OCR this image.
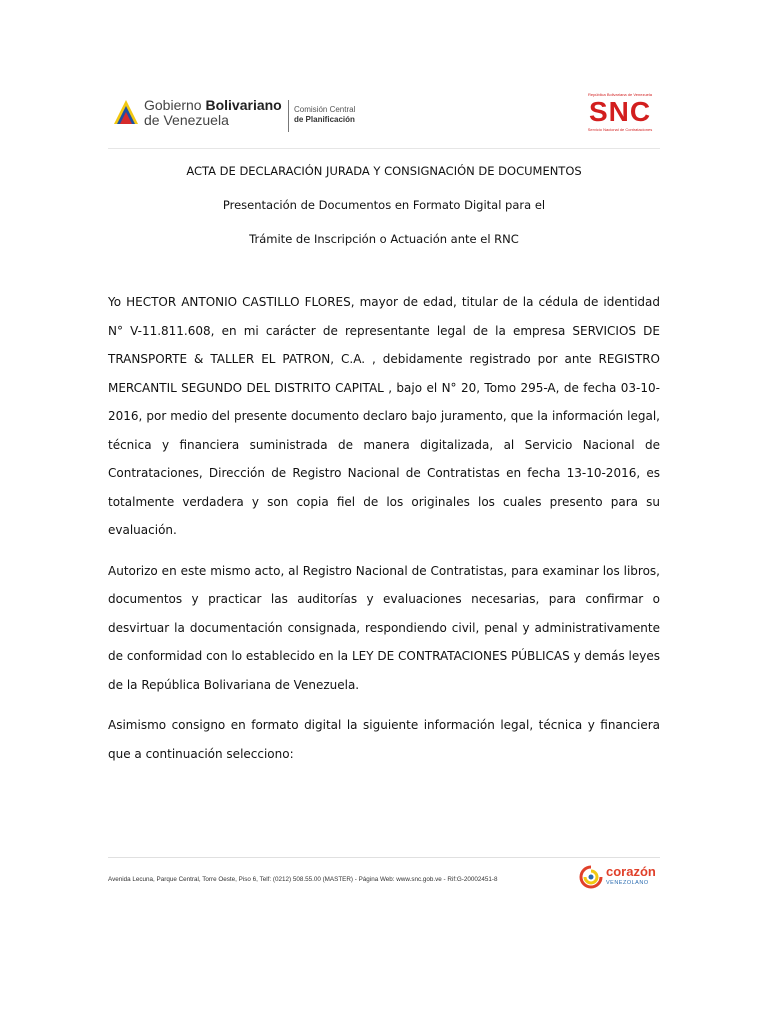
Gobierno Bolivariano
de Venezuela
Comisión Central
de Planificación
República Bolivariana de Venezuela
SNC
Servicio Nacional de Contrataciones
ACTA DE DECLARACIÓN JURADA Y CONSIGNACIÓN DE DOCUMENTOS
Presentación de Documentos en Formato Digital para el
Trámite de Inscripción o Actuación ante el RNC

Yo HECTOR ANTONIO CASTILLO FLORES, mayor de edad, titular de la cédula de identidad N° V-11.811.608, en mi carácter de representante legal de la empresa SERVICIOS DE TRANSPORTE & TALLER EL PATRON, C.A. , debidamente registrado por ante REGISTRO MERCANTIL SEGUNDO DEL DISTRITO CAPITAL , bajo el N° 20, Tomo 295-A, de fecha 03-10-2016, por medio del presente documento declaro bajo juramento, que la información legal, técnica y financiera suministrada de manera digitalizada, al Servicio Nacional de Contrataciones, Dirección de Registro Nacional de Contratistas en fecha 13-10-2016, es totalmente verdadera y son copia fiel de los originales los cuales presento para su evaluación.

Autorizo en este mismo acto, al Registro Nacional de Contratistas, para examinar los libros, documentos y practicar las auditorías y evaluaciones necesarias, para confirmar o desvirtuar la documentación consignada, respondiendo civil, penal y administrativamente de conformidad con lo establecido en la LEY DE CONTRATACIONES PÚBLICAS y demás leyes de la República Bolivariana de Venezuela.

Asimismo consigno en formato digital la siguiente información legal, técnica y financiera que a continuación selecciono:

Avenida Lecuna, Parque Central, Torre Oeste, Piso 6, Telf: (0212) 508.55.00 (MASTER) - Página Web: www.snc.gob.ve - Rif:G-20002451-8
corazón
VENEZOLANO
